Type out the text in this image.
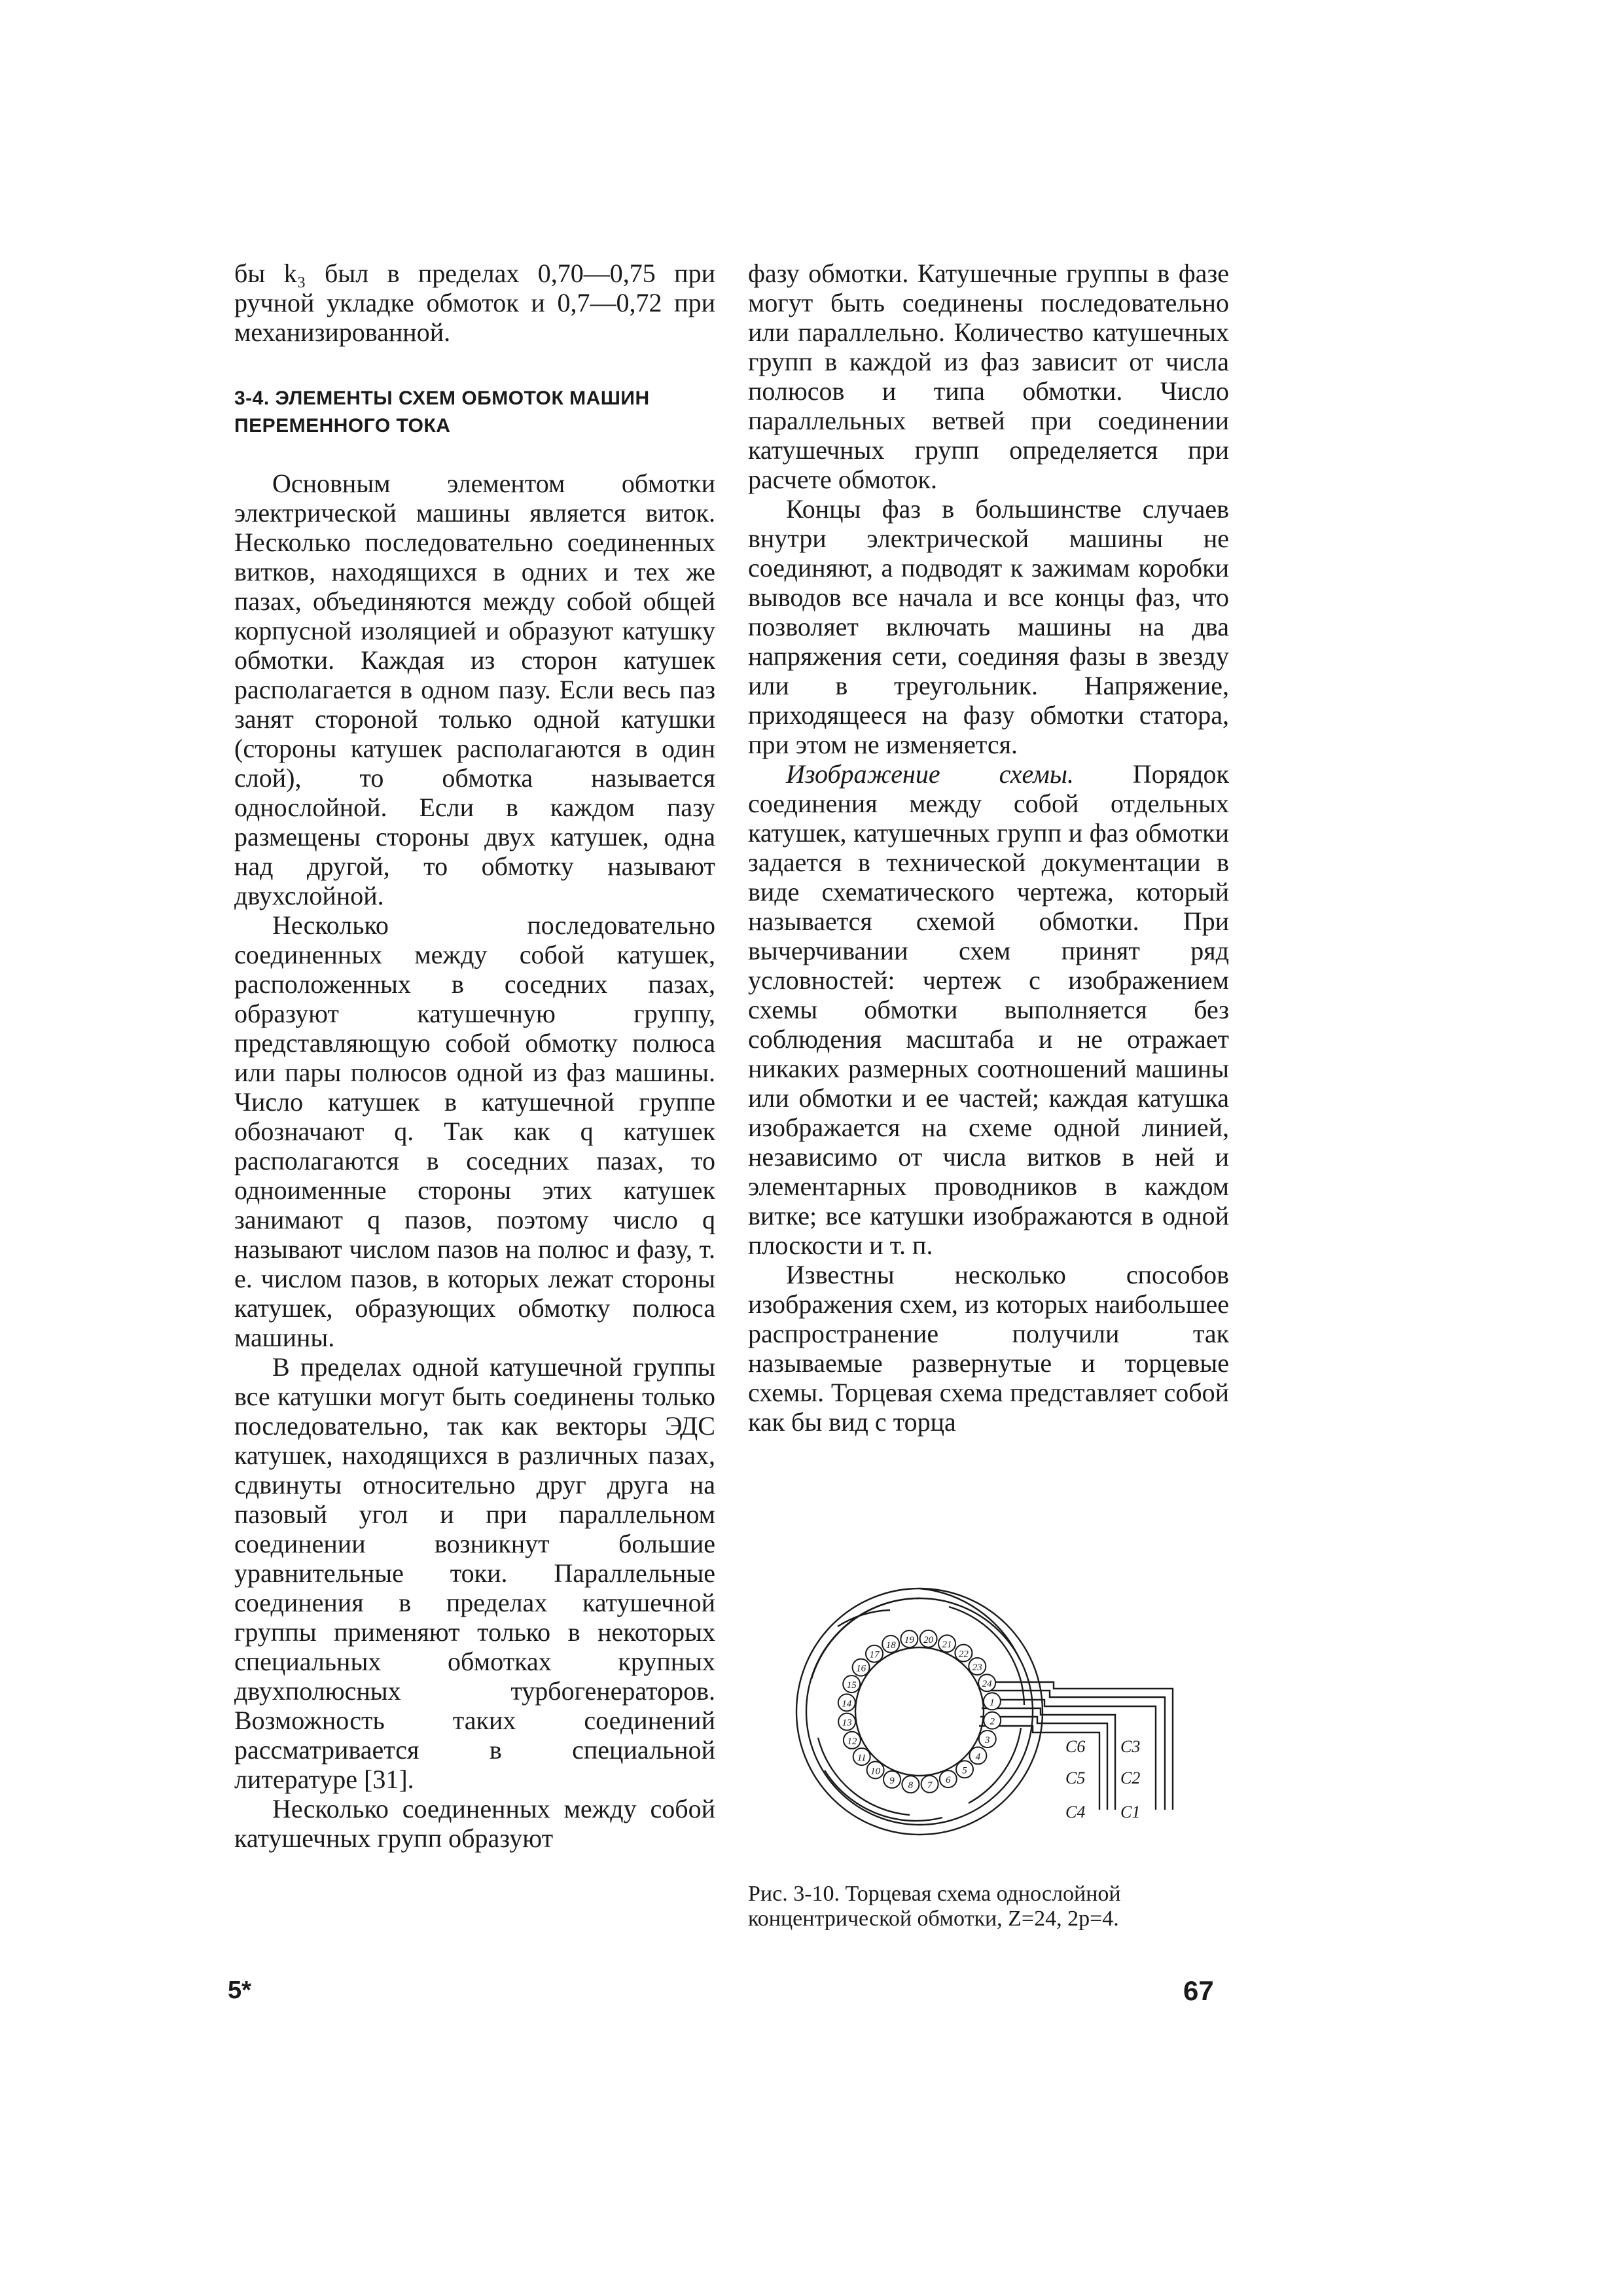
бы k₃ был в пределах 0,70—0,75 при ручной укладке обмоток и 0,7—0,72 при механизированной.

3-4. ЭЛЕМЕНТЫ СХЕМ ОБМОТОК МАШИН ПЕРЕМЕННОГО ТОКА

Основным элементом обмотки электрической машины является виток. Несколько последовательно соединенных витков, находящихся в одних и тех же пазах, объединяются между собой общей корпусной изоляцией и образуют катушку обмотки. Каждая из сторон катушек располагается в одном пазу. Если весь паз занят стороной только одной катушки (стороны катушек располагаются в один слой), то обмотка называется однослойной. Если в каждом пазу размещены стороны двух катушек, одна над другой, то обмотку называют двухслойной.

Несколько последовательно соединенных между собой катушек, расположенных в соседних пазах, образуют катушечную группу, представляющую собой обмотку полюса или пары полюсов одной из фаз машины. Число катушек в катушечной группе обозначают q. Так как q катушек располагаются в соседних пазах, то одноименные стороны этих катушек занимают q пазов, поэтому число q называют числом пазов на полюс и фазу, т. е. числом пазов, в которых лежат стороны катушек, образующих обмотку полюса машины.

В пределах одной катушечной группы все катушки могут быть соединены только последовательно, так как векторы ЭДС катушек, находящихся в различных пазах, сдвинуты относительно друг друга на пазовый угол и при параллельном соединении возникнут большие уравнительные токи. Параллельные соединения в пределах катушечной группы применяют только в некоторых специальных обмотках крупных двухполюсных турбогенераторов. Возможность таких соединений рассматривается в специальной литературе [31].

Несколько соединенных между собой катушечных групп образуют

фазу обмотки. Катушечные группы в фазе могут быть соединены последовательно или параллельно. Количество катушечных групп в каждой из фаз зависит от числа полюсов и типа обмотки. Число параллельных ветвей при соединении катушечных групп определяется при расчете обмоток.

Концы фаз в большинстве случаев внутри электрической машины не соединяют, а подводят к зажимам коробки выводов все начала и все концы фаз, что позволяет включать машины на два напряжения сети, соединяя фазы в звезду или в треугольник. Напряжение, приходящееся на фазу обмотки статора, при этом не изменяется.

Изображение схемы. Порядок соединения между собой отдельных катушек, катушечных групп и фаз обмотки задается в технической документации в виде схематического чертежа, который называется схемой обмотки. При вычерчивании схем принят ряд условностей: чертеж с изображением схемы обмотки выполняется без соблюдения масштаба и не отражает никаких размерных соотношений машины или обмотки и ее частей; каждая катушка изображается на схеме одной линией, независимо от числа витков в ней и элементарных проводников в каждом витке; все катушки изображаются в одной плоскости и т. п.

Известны несколько способов изображения схем, из которых наибольшее распространение получили так называемые развернутые и торцевые схемы. Торцевая схема представляет собой как бы вид с торца

1
2
3
4
5
6
7
8
9
10
11
12
13
14
15
16
17
18 19 20 21
22
23
24
C6
C5
C4
C3
C2
C1
Рис. 3-10. Торцевая схема однослойной концентрической обмотки, Z=24, 2p=4.
5*	67
